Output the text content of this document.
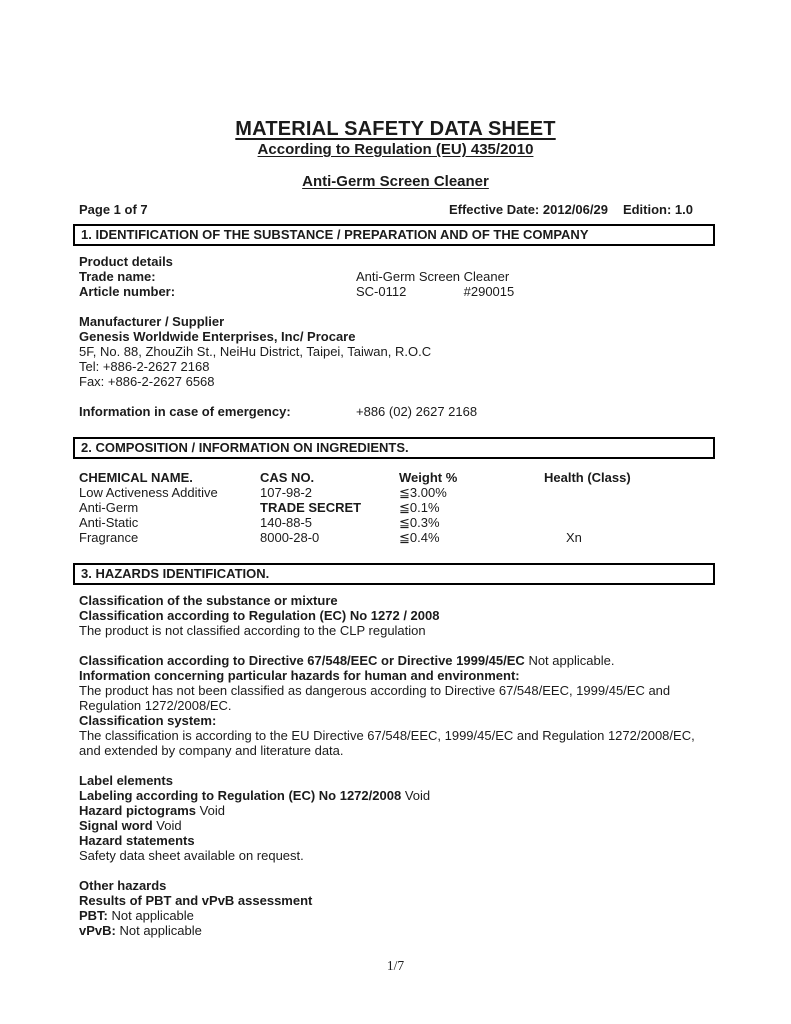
MATERIAL SAFETY DATA SHEET
According to Regulation (EU) 435/2010
Anti-Germ Screen Cleaner
Page 1 of 7	Effective Date: 2012/06/29 Edition: 1.0
1. IDENTIFICATION OF THE SUBSTANCE / PREPARATION AND OF THE COMPANY
Product details
Trade name:	Anti-Germ Screen Cleaner
Article number:	SC-0112	#290015
Manufacturer / Supplier
Genesis Worldwide Enterprises, Inc/ Procare
5F, No. 88, ZhouZih St., NeiHu District, Taipei, Taiwan, R.O.C
Tel: +886-2-2627 2168
Fax: +886-2-2627 6568
Information in case of emergency:	+886 (02) 2627 2168
2. COMPOSITION / INFORMATION ON INGREDIENTS.
CHEMICAL NAME.	CAS NO.	Weight %	Health (Class)
Low Activeness Additive	107-98-2	≦3.00%
Anti-Germ	TRADE SECRET	≦0.1%
Anti-Static	140-88-5	≦0.3%
Fragrance	8000-28-0	≦0.4%	Xn
3. HAZARDS IDENTIFICATION.
Classification of the substance or mixture
Classification according to Regulation (EC) No 1272 / 2008
The product is not classified according to the CLP regulation
Classification according to Directive 67/548/EEC or Directive 1999/45/EC Not applicable.
Information concerning particular hazards for human and environment:
The product has not been classified as dangerous according to Directive 67/548/EEC, 1999/45/EC and
Regulation 1272/2008/EC.
Classification system:
The classification is according to the EU Directive 67/548/EEC, 1999/45/EC and Regulation 1272/2008/EC,
and extended by company and literature data.
Label elements
Labeling according to Regulation (EC) No 1272/2008 Void
Hazard pictograms Void
Signal word Void
Hazard statements
Safety data sheet available on request.
Other hazards
Results of PBT and vPvB assessment
PBT: Not applicable
vPvB: Not applicable
1/7
